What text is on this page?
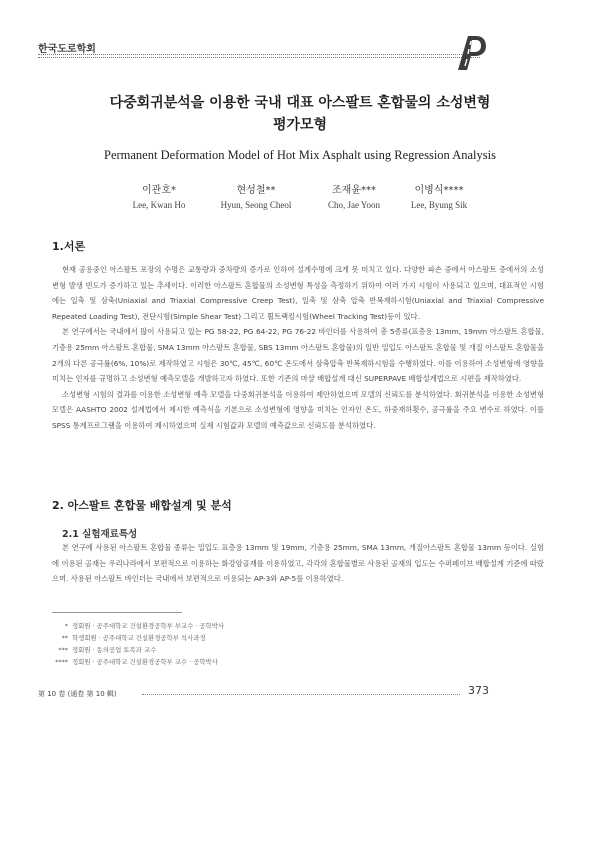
한국도로학회
다중회귀분석을 이용한 국내 대표 아스팔트 혼합물의 소성변형
평가모형
Permanent Deformation Model of Hot Mix Asphalt using Regression Analysis
이관호*
Lee, Kwan Ho
현성철**
Hyun, Seong Cheol
조재윤***
Cho, Jae Yoon
이병식****
Lee, Byung Sik
1.서론

현재 공용중인 아스팔트 포장의 수명은 교통량과 중차량의 증가로 인하여 설계수명에 크게 못 미치고 있다. 다양한 파손 중에서 아스팔트 층에서의 소성변형 발생 빈도가 증가하고 있는 추세이다. 이러한 아스팔트 혼합물의 소성변형 특성을 측정하기 위하여 여러 가지 시험이 사용되고 있으며, 대표적인 시험에는 일축 및 삼축(Uniaxial and Triaxial Compressive Creep Test), 일축 및 삼축 압축 반복재하시험(Uniaxial and Triaxial Compressive Repeated Loading Test), 전단시험(Simple Shear Test) 그리고 휠트랙킹시험(Wheel Tracking Test)등이 있다.

본 연구에서는 국내에서 많이 사용되고 있는 PG 58-22, PG 64-22, PG 76-22 바인더를 사용하여 총 5종류(표층용 13mm, 19mm 아스팔트 혼합물, 기층용 25mm 아스팔트 혼합물, SMA 13mm 아스팔트 혼합물, SBS 13mm 아스팔트 혼합물)의 일반 밀입도 아스팔트 혼합물 및 개질 아스팔트 혼합물을 2개의 다른 공극률(6%, 10%)로 제작하였고 시험은 30℃, 45℃, 60℃ 온도에서 삼축압축 반복재하시험을 수행하였다. 이를 이용하여 소성변형에 영향을 미치는 인자를 규명하고 소성변형 예측모델을 개발하고자 하였다. 또한 기존의 마샬 배합설계 대신 SUPERPAVE 배합설계법으로 시편을 제작하였다.

소성변형 시험의 결과를 이용한 소성변형 예측 모델을 다중회귀분석을 이용하여 제안하였으며 모델의 신뢰도를 분석하였다. 회귀분석을 이용한 소성변형 모델은 AASHTO 2002 설계법에서 제시한 예측식을 기본으로 소성변형에 영향을 미치는 인자인 온도, 하중재하횟수, 공극률을 주요 변수로 하였다. 이를 SPSS 통계프로그램을 이용하여 제시하였으며 실제 시험값과 모델의 예측값으로 신뢰도를 분석하였다.

2. 아스팔트 혼합물 배합설계 및 분석
2.1 실험재료특성

본 연구에 사용된 아스팔트 혼합물 종류는 밀입도 표층용 13mm 및 19mm, 기층용 25mm, SMA 13mm, 개질아스팔트 혼합물 13mm 등이다. 실험에 이용된 골재는 우리나라에서 보편적으로 이용하는 화강암골재를 이용하였고, 각각의 혼합물별로 사용된 골재의 입도는 수퍼페이브 배합설계 기준에 따랐으며. 사용된 아스팔트 바인더는 국내에서 보편적으로 이용되는 AP-3와 AP-5를 이용하였다.

* 정회원 · 공주대학교 건설환경공학부 부교수 · 공학박사
** 학생회원 · 공주대학교 건설환경공학부 석사과정
*** 정회원 · 동의공업 토목과 교수
**** 정회원 · 공주대학교 건설환경공학부 교수 · 공학박사
第 10 卷 (通卷 第 10 輯)	373
